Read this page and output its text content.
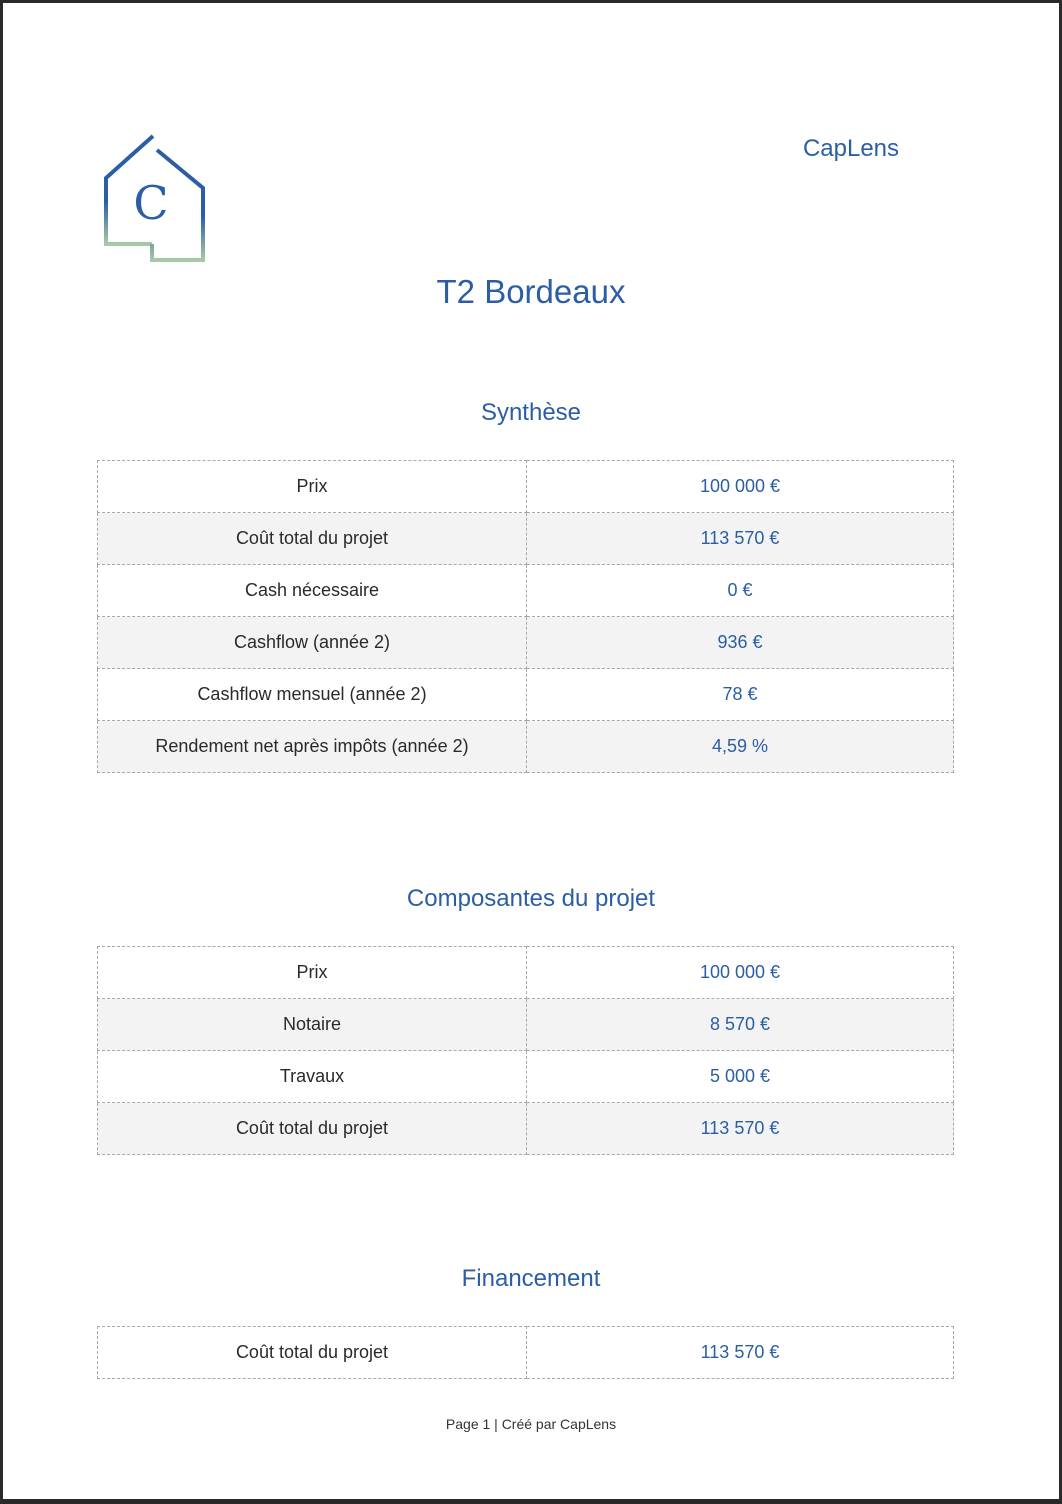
C
CapLens
T2 Bordeaux
Synthèse
Prix	100 000 €
Coût total du projet	113 570 €
Cash nécessaire	0 €
Cashflow (année 2)	936 €
Cashflow mensuel (année 2)	78 €
Rendement net après impôts (année 2)	4,59 %
Composantes du projet
Prix	100 000 €
Notaire	8 570 €
Travaux	5 000 €
Coût total du projet	113 570 €
Financement
Coût total du projet	113 570 €
Page 1 | Créé par CapLens
